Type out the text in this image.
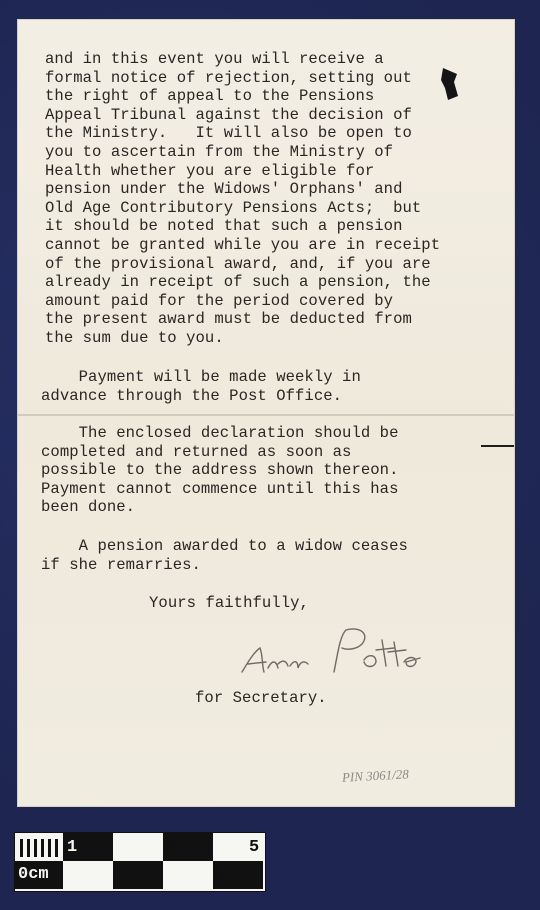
and in this event you will receive a
formal notice of rejection, setting out
the right of appeal to the Pensions
Appeal Tribunal against the decision of
the Ministry.   It will also be open to
you to ascertain from the Ministry of
Health whether you are eligible for
pension under the Widows' Orphans' and
Old Age Contributory Pensions Acts;  but
it should be noted that such a pension
cannot be granted while you are in receipt
of the provisional award, and, if you are
already in receipt of such a pension, the
amount paid for the period covered by
the present award must be deducted from
the sum due to you.
Payment will be made weekly in
advance through the Post Office.
The enclosed declaration should be
completed and returned as soon as
possible to the address shown thereon.
Payment cannot commence until this has
been done.
A pension awarded to a widow ceases
if she remarries.
Yours faithfully,
for Secretary.
PIN 3061/28
0cm
1
2
3
4
5
